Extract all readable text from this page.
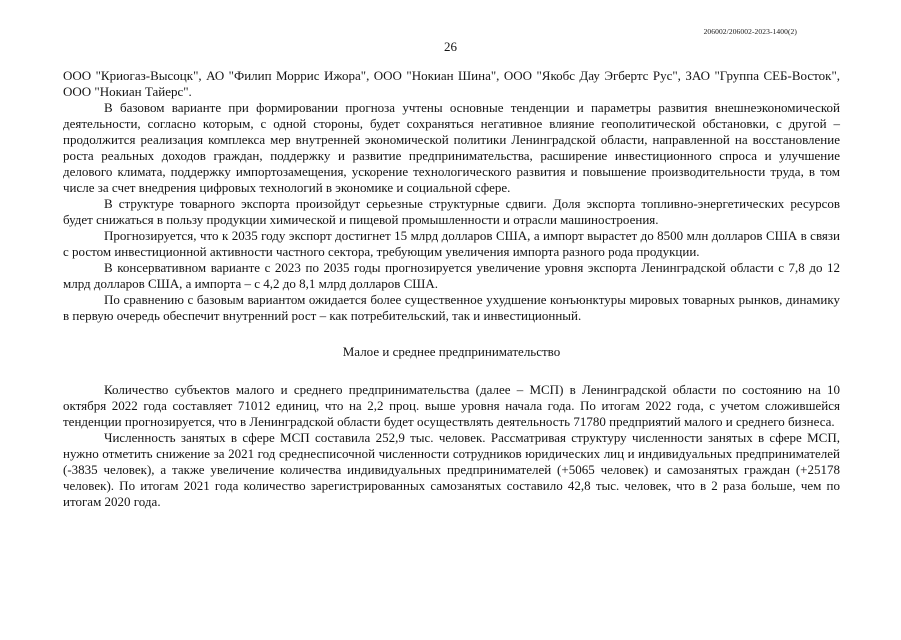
206002/206002-2023-1400(2)
26

ООО "Криогаз-Высоцк", АО "Филип Моррис Ижора", ООО "Нокиан Шина", ООО "Якобс Дау Эгбертс Рус", ЗАО "Группа СЕБ-Восток", ООО "Нокиан Тайерс".

В базовом варианте при формировании прогноза учтены основные тенденции и параметры развития внешнеэкономической деятельности, согласно которым, с одной стороны, будет сохраняться негативное влияние геополитической обстановки, с другой – продолжится реализация комплекса мер внутренней экономической политики Ленинградской области, направленной на восстановление роста реальных доходов граждан, поддержку и развитие предпринимательства, расширение инвестиционного спроса и улучшение делового климата, поддержку импортозамещения, ускорение технологического развития и повышение производительности труда, в том числе за счет внедрения цифровых технологий в экономике и социальной сфере.

В структуре товарного экспорта произойдут серьезные структурные сдвиги. Доля экспорта топливно-энергетических ресурсов будет снижаться в пользу продукции химической и пищевой промышленности и отрасли машиностроения.

Прогнозируется, что к 2035 году экспорт достигнет 15 млрд долларов США, а импорт вырастет до 8500 млн долларов США в связи с ростом инвестиционной активности частного сектора, требующим увеличения импорта разного рода продукции.

В консервативном варианте с 2023 по 2035 годы прогнозируется увеличение уровня экспорта Ленинградской области с 7,8 до 12 млрд долларов США, а импорта – с 4,2 до 8,1 млрд долларов США.

По сравнению с базовым вариантом ожидается более существенное ухудшение конъюнктуры мировых товарных рынков, динамику в первую очередь обеспечит внутренний рост – как потребительский, так и инвестиционный.

Малое и среднее предпринимательство

Количество субъектов малого и среднего предпринимательства (далее – МСП) в Ленинградской области по состоянию на 10 октября 2022 года составляет 71012 единиц, что на 2,2 проц. выше уровня начала года. По итогам 2022 года, с учетом сложившейся тенденции прогнозируется, что в Ленинградской области будет осуществлять деятельность 71780 предприятий малого и среднего бизнеса.

Численность занятых в сфере МСП составила 252,9 тыс. человек. Рассматривая структуру численности занятых в сфере МСП, нужно отметить снижение за 2021 год среднесписочной численности сотрудников юридических лиц и индивидуальных предпринимателей (-3835 человек), а также увеличение количества индивидуальных предпринимателей (+5065 человек) и самозанятых граждан (+25178 человек). По итогам 2021 года количество зарегистрированных самозанятых составило 42,8 тыс. человек, что в 2 раза больше, чем по итогам 2020 года.
